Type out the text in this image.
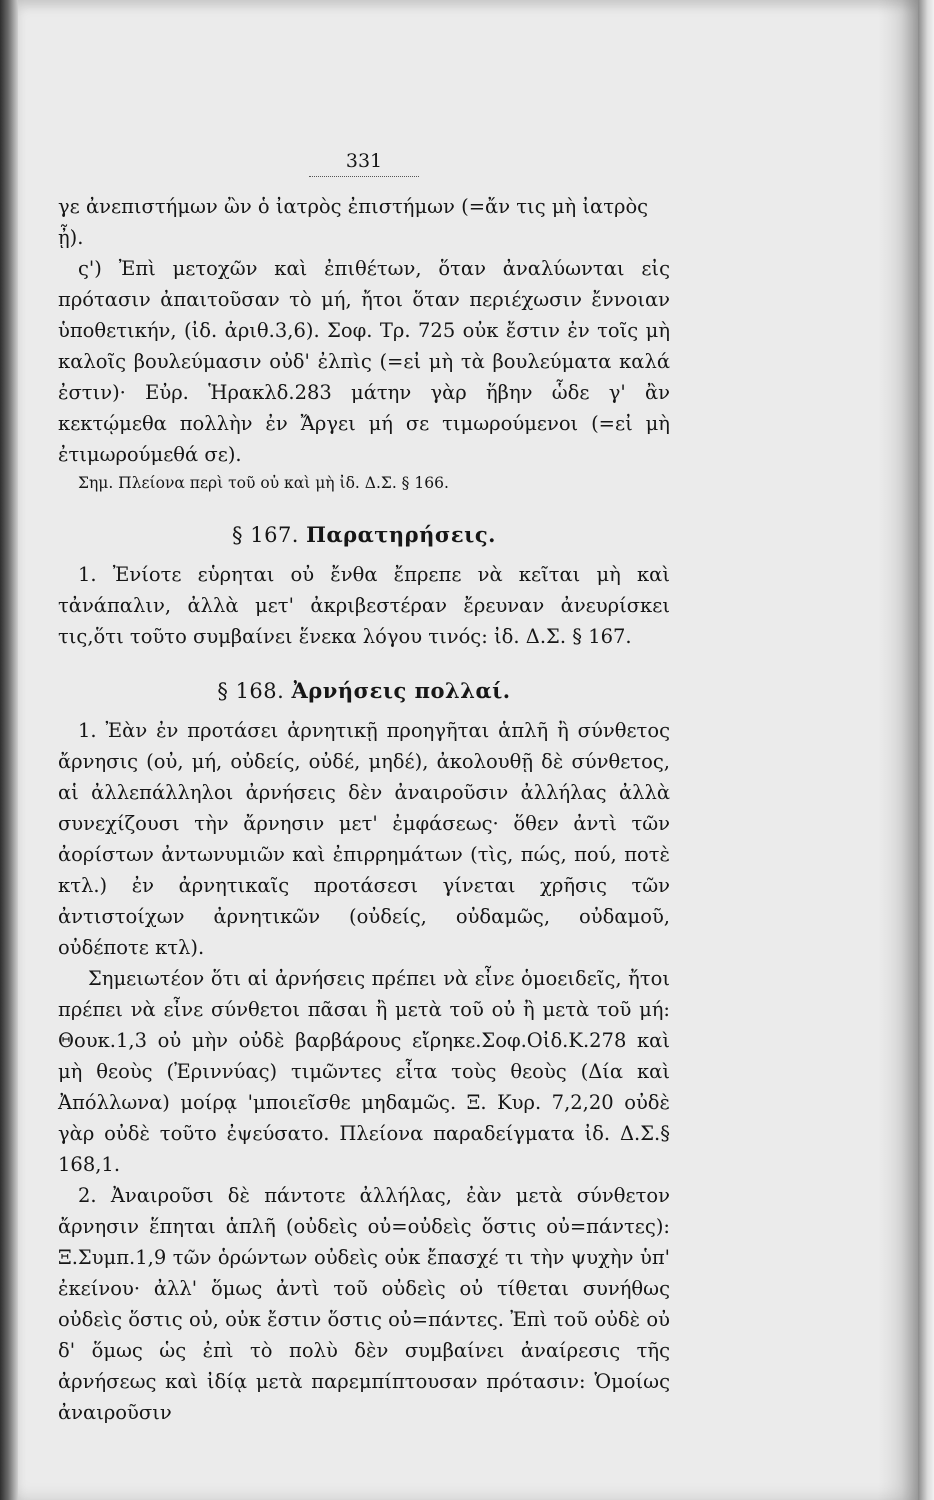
331

γε ἀνεπιστήμων ὢν ὁ ἰατρὸς ἐπιστήμων (=ἄν τις μὴ ἰατρὸς ᾖ).

ς') Ἐπὶ μετοχῶν καὶ ἐπιθέτων, ὅταν ἀναλύωνται εἰς πρότασιν ἀπαιτοῦσαν τὸ μή, ἤτοι ὅταν περιέχωσιν ἔννοιαν ὑποθετικήν, (ἰδ. ἀριθ.3,6). Σοφ. Τρ. 725 οὐκ ἔστιν ἐν τοῖς μὴ καλοῖς βουλεύμασιν οὐδ' ἐλπὶς (=εἰ μὴ τὰ βουλεύματα καλά ἐστιν)· Εὐρ. Ἡρακλδ.283 μάτην γὰρ ἥβην ὧδε γ' ἂν κεκτῴμεθα πολλὴν ἐν Ἄργει μή σε τιμωρούμενοι (=εἰ μὴ ἐτιμωρούμεθά σε).

Σημ. Πλείονα περὶ τοῦ οὐ καὶ μὴ ἰδ. Δ.Σ. § 166.

§ 167. Παρατηρήσεις.

1. Ἐνίοτε εὑρηται οὐ ἔνθα ἔπρεπε νὰ κεῖται μὴ καὶ τἀνάπαλιν, ἀλλὰ μετ' ἀκριβεστέραν ἔρευναν ἀνευρίσκει τις,ὅτι τοῦτο συμβαίνει ἕνεκα λόγου τινός: ἰδ. Δ.Σ. § 167.

§ 168. Ἀρνήσεις πολλαί.

1. Ἐὰν ἐν προτάσει ἀρνητικῇ προηγῆται ἁπλῆ ἢ σύνθετος ἄρνησις (οὐ, μή, οὐδείς, οὐδέ, μηδέ), ἀκολουθῇ δὲ σύνθετος, αἱ ἀλλεπάλληλοι ἀρνήσεις δὲν ἀναιροῦσιν ἀλλήλας ἀλλὰ συνεχίζουσι τὴν ἄρνησιν μετ' ἐμφάσεως· ὅθεν ἀντὶ τῶν ἀορίστων ἀντωνυμιῶν καὶ ἐπιρρημάτων (τὶς, πώς, πού, ποτὲ κτλ.) ἐν ἀρνητικαῖς προτάσεσι γίνεται χρῆσις τῶν ἀντιστοίχων ἀρνητικῶν (οὐδείς, οὐδαμῶς, οὐδαμοῦ, οὐδέποτε κτλ).

Σημειωτέον ὅτι αἱ ἀρνήσεις πρέπει νὰ εἶνε ὁμοειδεῖς, ἤτοι πρέπει νὰ εἶνε σύνθετοι πᾶσαι ἢ μετὰ τοῦ οὐ ἢ μετὰ τοῦ μή: Θουκ.1,3 οὐ μὴν οὐδὲ βαρβάρους εἴρηκε.Σοφ.Οἰδ.Κ.278 καὶ μὴ θεοὺς (Ἐριννύας) τιμῶντες εἶτα τοὺς θεοὺς (Δία καὶ Ἀπόλλωνα) μοίρᾳ 'μποιεῖσθε μηδαμῶς. Ξ. Κυρ. 7,2,20 οὐδὲ γὰρ οὐδὲ τοῦτο ἐψεύσατο. Πλείονα παραδείγματα ἰδ. Δ.Σ.§ 168,1.

2. Ἀναιροῦσι δὲ πάντοτε ἀλλήλας, ἐὰν μετὰ σύνθετον ἄρνησιν ἕπηται ἁπλῆ (οὐδεὶς οὐ=οὐδεὶς ὅστις οὐ=πάντες): Ξ.Συμπ.1,9 τῶν ὁρώντων οὐδεὶς οὐκ ἔπασχέ τι τὴν ψυχὴν ὑπ' ἐκείνου· ἀλλ' ὅμως ἀντὶ τοῦ οὐδεὶς οὐ τίθεται συνήθως οὐδεὶς ὅστις οὐ, οὐκ ἔστιν ὅστις οὐ=πάντες. Ἐπὶ τοῦ οὐδὲ οὐ δ' ὅμως ὡς ἐπὶ τὸ πολὺ δὲν συμβαίνει ἀναίρεσις τῆς ἀρνήσεως καὶ ἰδίᾳ μετὰ παρεμπίπτουσαν πρότασιν: Ὁμοίως ἀναιροῦσιν
